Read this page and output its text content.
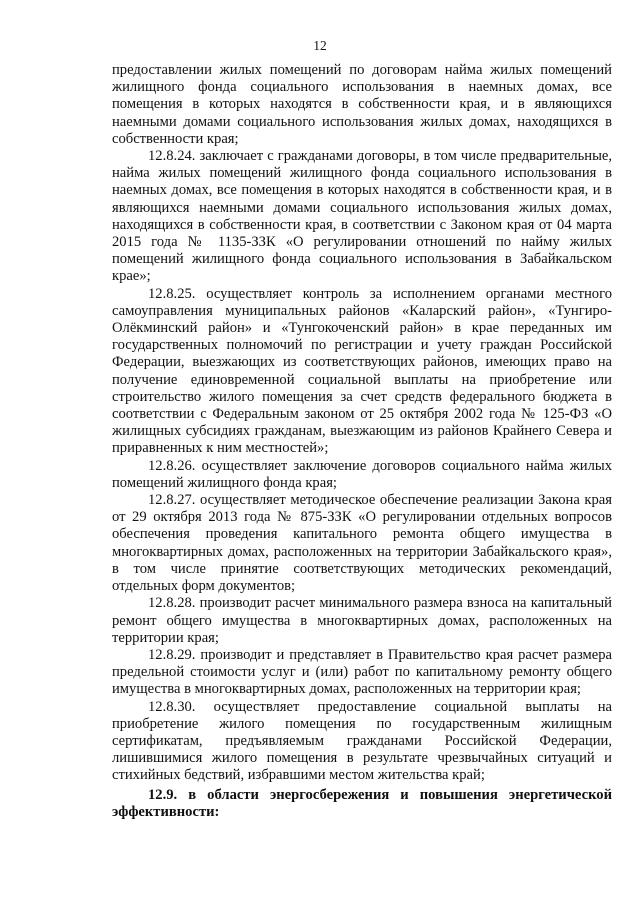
12

предоставлении жилых помещений по договорам найма жилых помещений жилищного фонда социального использования в наемных домах, все помещения в которых находятся в собственности края, и в являющихся наемными домами социального использования жилых домах, находящихся в собственности края;

12.8.24. заключает с гражданами договоры, в том числе предварительные, найма жилых помещений жилищного фонда социального использования в наемных домах, все помещения в которых находятся в собственности края, и в являющихся наемными домами социального использования жилых домах, находящихся в собственности края, в соответствии с Законом края от 04 марта 2015 года № 1135-ЗЗК «О регулировании отношений по найму жилых помещений жилищного фонда социального использования в Забайкальском крае»;

12.8.25. осуществляет контроль за исполнением органами местного самоуправления муниципальных районов «Каларский район», «Тунгиро-Олёкминский район» и «Тунгокоченский район» в крае переданных им государственных полномочий по регистрации и учету граждан Российской Федерации, выезжающих из соответствующих районов, имеющих право на получение единовременной социальной выплаты на приобретение или строительство жилого помещения за счет средств федерального бюджета в соответствии с Федеральным законом от 25 октября 2002 года № 125-ФЗ «О жилищных субсидиях гражданам, выезжающим из районов Крайнего Севера и приравненных к ним местностей»;

12.8.26. осуществляет заключение договоров социального найма жилых помещений жилищного фонда края;

12.8.27. осуществляет методическое обеспечение реализации Закона края от 29 октября 2013 года № 875-ЗЗК «О регулировании отдельных вопросов обеспечения проведения капитального ремонта общего имущества в многоквартирных домах, расположенных на территории Забайкальского края», в том числе принятие соответствующих методических рекомендаций, отдельных форм документов;

12.8.28. производит расчет минимального размера взноса на капитальный ремонт общего имущества в многоквартирных домах, расположенных на территории края;

12.8.29. производит и представляет в Правительство края расчет размера предельной стоимости услуг и (или) работ по капитальному ремонту общего имущества в многоквартирных домах, расположенных на территории края;

12.8.30. осуществляет предоставление социальной выплаты на приобретение жилого помещения по государственным жилищным сертификатам, предъявляемым гражданами Российской Федерации, лишившимися жилого помещения в результате чрезвычайных ситуаций и стихийных бедствий, избравшими местом жительства край;

12.9. в области энергосбережения и повышения энергетической эффективности:
